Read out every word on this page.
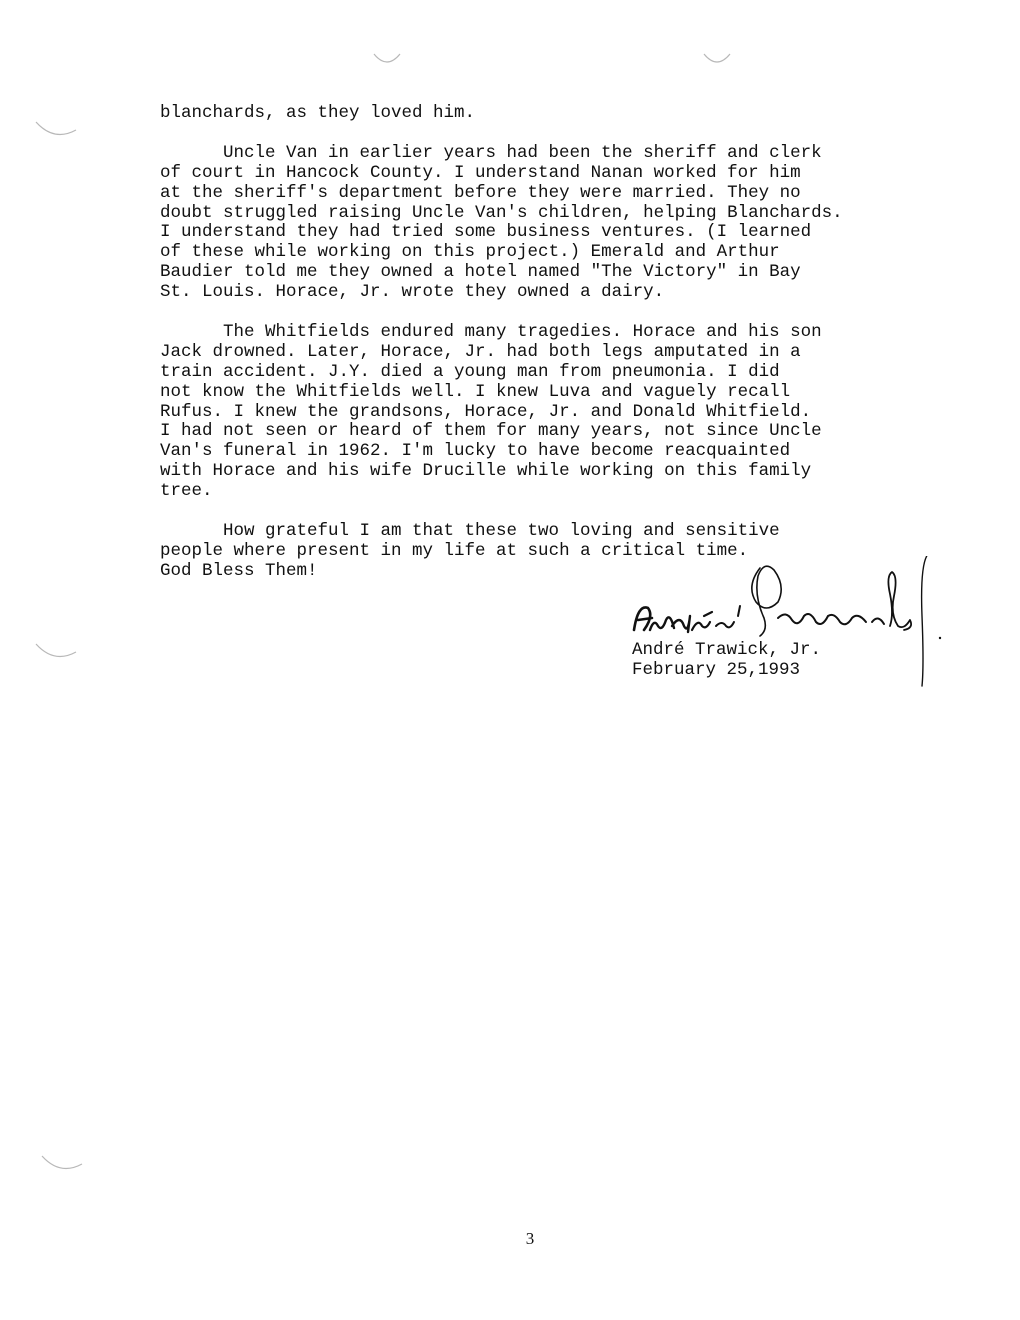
blanchards, as they loved him.
Uncle Van in earlier years had been the sheriff and clerk
of court in Hancock County. I understand Nanan worked for him
at the sheriff's department before they were married. They no
doubt struggled raising Uncle Van's children, helping Blanchards.
I understand they had tried some business ventures. (I learned
of these while working on this project.) Emerald and Arthur
Baudier told me they owned a hotel named "The Victory" in Bay
St. Louis. Horace, Jr. wrote they owned a dairy.
The Whitfields endured many tragedies. Horace and his son
Jack drowned. Later, Horace, Jr. had both legs amputated in a
train accident. J.Y. died a young man from pneumonia. I did
not know the Whitfields well. I knew Luva and vaguely recall
Rufus. I knew the grandsons, Horace, Jr. and Donald Whitfield.
I had not seen or heard of them for many years, not since Uncle
Van's funeral in 1962. I'm lucky to have become reacquainted
with Horace and his wife Drucille while working on this family
tree.
How grateful I am that these two loving and sensitive
people where present in my life at such a critical time.
God Bless Them!
André Trawick, Jr.
February 25,1993
3
